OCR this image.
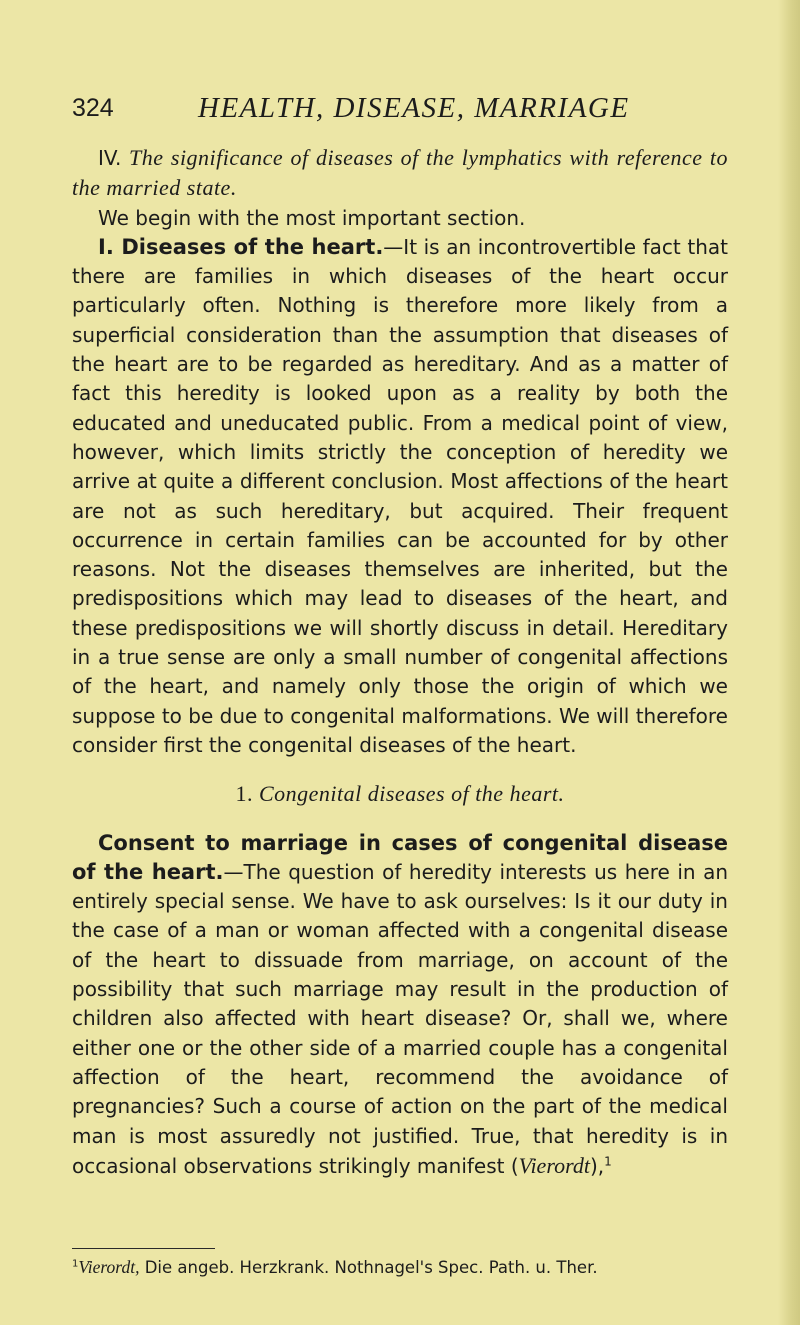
324	HEALTH, DISEASE, MARRIAGE

IV. The significance of diseases of the lymphatics with reference to the married state.

We begin with the most important section.

I. Diseases of the heart.—It is an incontrovertible fact that there are families in which diseases of the heart occur particularly often. Nothing is therefore more likely from a superficial consideration than the assumption that diseases of the heart are to be regarded as hereditary. And as a matter of fact this heredity is looked upon as a reality by both the educated and uneducated public. From a medical point of view, however, which limits strictly the conception of heredity we arrive at quite a different conclusion. Most affections of the heart are not as such hereditary, but acquired. Their frequent occurrence in certain families can be accounted for by other reasons. Not the diseases themselves are inherited, but the predispositions which may lead to diseases of the heart, and these predispositions we will shortly discuss in detail. Hereditary in a true sense are only a small number of congenital affections of the heart, and namely only those the origin of which we suppose to be due to congenital malformations. We will therefore consider first the congenital diseases of the heart.

1. Congenital diseases of the heart.

Consent to marriage in cases of congenital disease of the heart.—The question of heredity interests us here in an entirely special sense. We have to ask ourselves: Is it our duty in the case of a man or woman affected with a congenital disease of the heart to dissuade from marriage, on account of the possibility that such marriage may result in the production of children also affected with heart disease? Or, shall we, where either one or the other side of a married couple has a congenital affection of the heart, recommend the avoidance of pregnancies? Such a course of action on the part of the medical man is most assuredly not justified. True, that heredity is in occasional observations strikingly manifest (Vierordt),$^1$

$^1$Vierordt, Die angeb. Herzkrank. Nothnagel's Spec. Path. u. Ther.
